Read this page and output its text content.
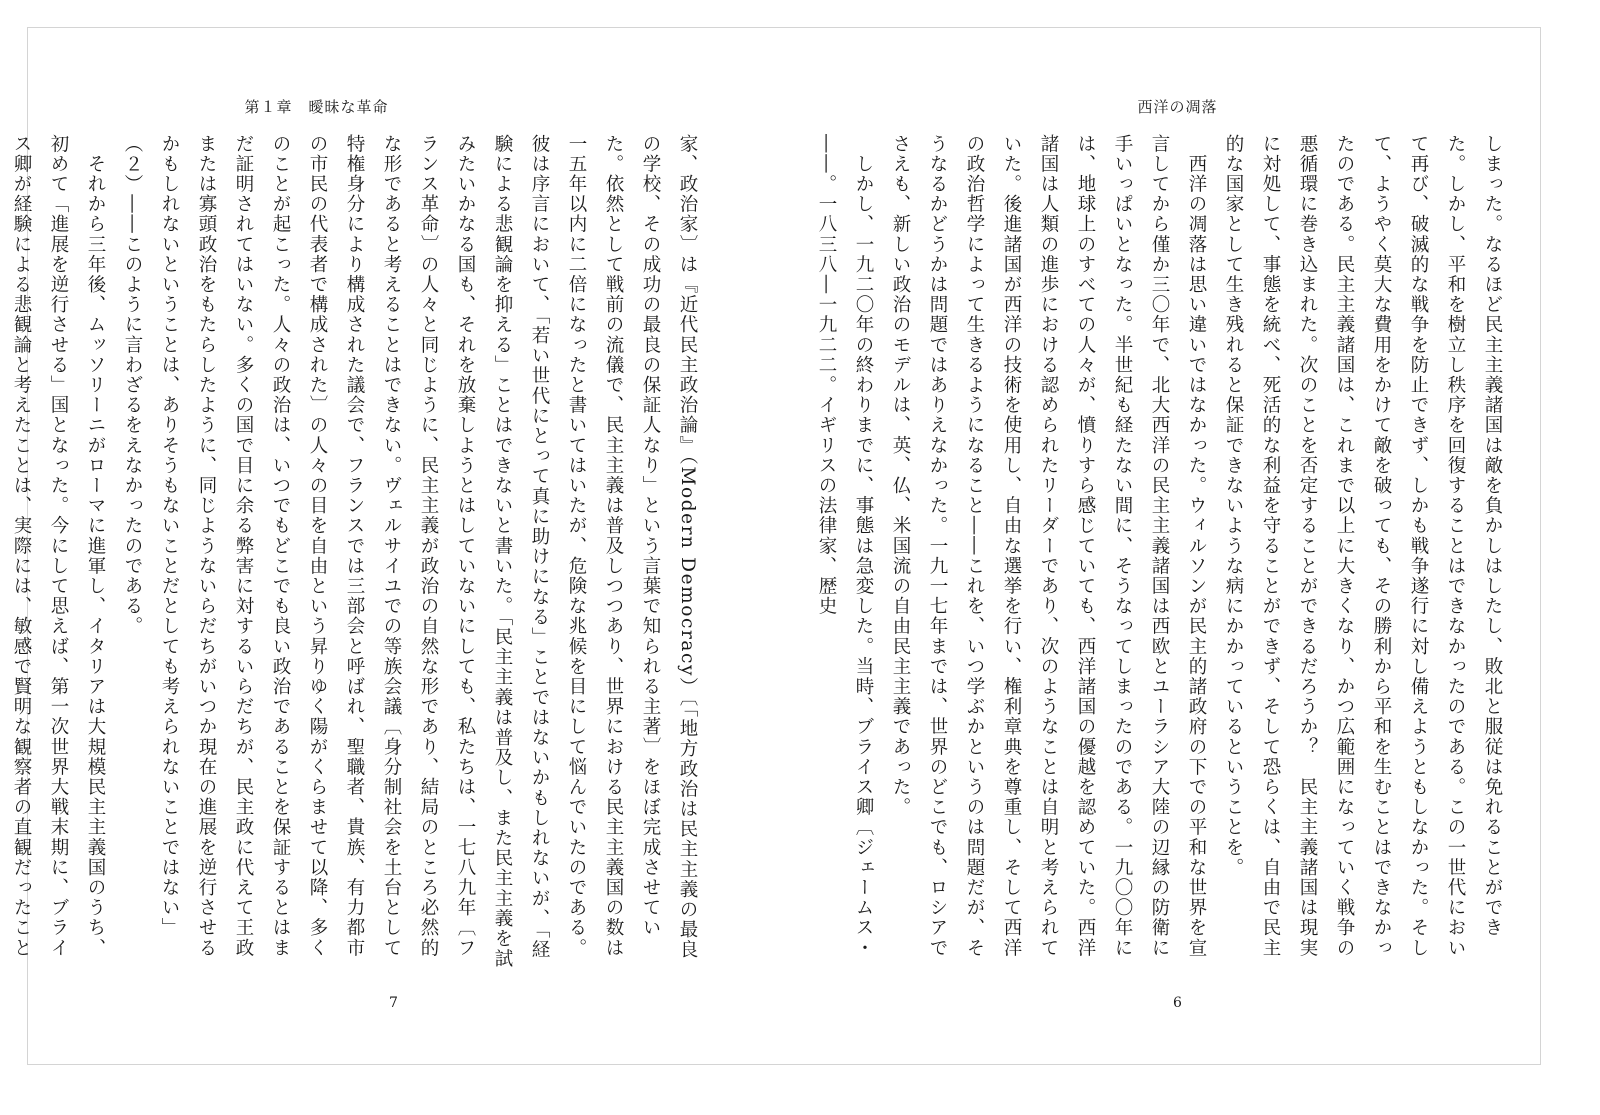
第１章　曖昧な革命
家、政治家〕は『近代民主政治論』（Modern Democracy）〔「地方政治は民主主義の最良の学校、その成功の最良の保証人なり」という言葉で知られる主著〕をほぼ完成させていた。依然として戦前の流儀で、民主主義は普及しつつあり、世界における民主主義国の数は一五年以内に二倍になったと書いてはいたが、危険な兆候を目にして悩んでいたのである。彼は序言において、「若い世代にとって真に助けになる」ことではないかもしれないが、「経験による悲観論を抑える」ことはできないと書いた。「民主主義は普及し、また民主主義を試みたいかなる国も、それを放棄しようとはしていないにしても、私たちは、一七八九年〔フランス革命〕の人々と同じように、民主主義が政治の自然な形であり、結局のところ必然的な形であると考えることはできない。ヴェルサイユでの等族会議〔身分制社会を土台として特権身分により構成された議会で、フランスでは三部会と呼ばれ、聖職者、貴族、有力都市の市民の代表者で構成された〕の人々の目を自由という昇りゆく陽がくらませて以降、多くのことが起こった。人々の政治は、いつでもどこでも良い政治であることを保証するとはまだ証明されてはいない。多くの国で目に余る弊害に対するいらだちが、民主政に代えて王政または寡頭政治をもたらしたように、同じようないらだちがいつか現在の進展を逆行させるかもしれないということは、ありそうもないことだとしても考えられないことではない」（２）――このように言わざるをえなかったのである。
　それから三年後、ムッソリーニがローマに進軍し、イタリアは大規模民主主義国のうち、初めて「進展を逆行させる」国となった。今にして思えば、第一次世界大戦末期に、ブライス卿が経験による悲観論と考えたことは、実際には、敏感で賢明な観察者の直観だったこと
7
西洋の凋落
しまった。なるほど民主主義諸国は敵を負かしはしたし、敗北と服従は免れることができた。しかし、平和を樹立し秩序を回復することはできなかったのである。この一世代において再び、破滅的な戦争を防止できず、しかも戦争遂行に対し備えようともしなかった。そして、ようやく莫大な費用をかけて敵を破っても、その勝利から平和を生むことはできなかったのである。民主主義諸国は、これまで以上に大きくなり、かつ広範囲になっていく戦争の悪循環に巻き込まれた。次のことを否定することができるだろうか？　民主主義諸国は現実に対処して、事態を統べ、死活的な利益を守ることができず、そして恐らくは、自由で民主的な国家として生き残れると保証できないような病にかかっているということを。
　西洋の凋落は思い違いではなかった。ウィルソンが民主的諸政府の下での平和な世界を宣言してから僅か三〇年で、北大西洋の民主主義諸国は西欧とユーラシア大陸の辺縁の防衛に手いっぱいとなった。半世紀も経たない間に、そうなってしまったのである。一九〇〇年には、地球上のすべての人々が、憤りすら感じていても、西洋諸国の優越を認めていた。西洋諸国は人類の進歩における認められたリーダーであり、次のようなことは自明と考えられていた。後進諸国が西洋の技術を使用し、自由な選挙を行い、権利章典を尊重し、そして西洋の政治哲学によって生きるようになること――これを、いつ学ぶかというのは問題だが、そうなるかどうかは問題ではありえなかった。一九一七年までは、世界のどこでも、ロシアでさえも、新しい政治のモデルは、英、仏、米国流の自由民主主義であった。
　しかし、一九二〇年の終わりまでに、事態は急変した。当時、ブライス卿〔ジェームス・――。一八三八―一九二二。イギリスの法律家、歴史
6
